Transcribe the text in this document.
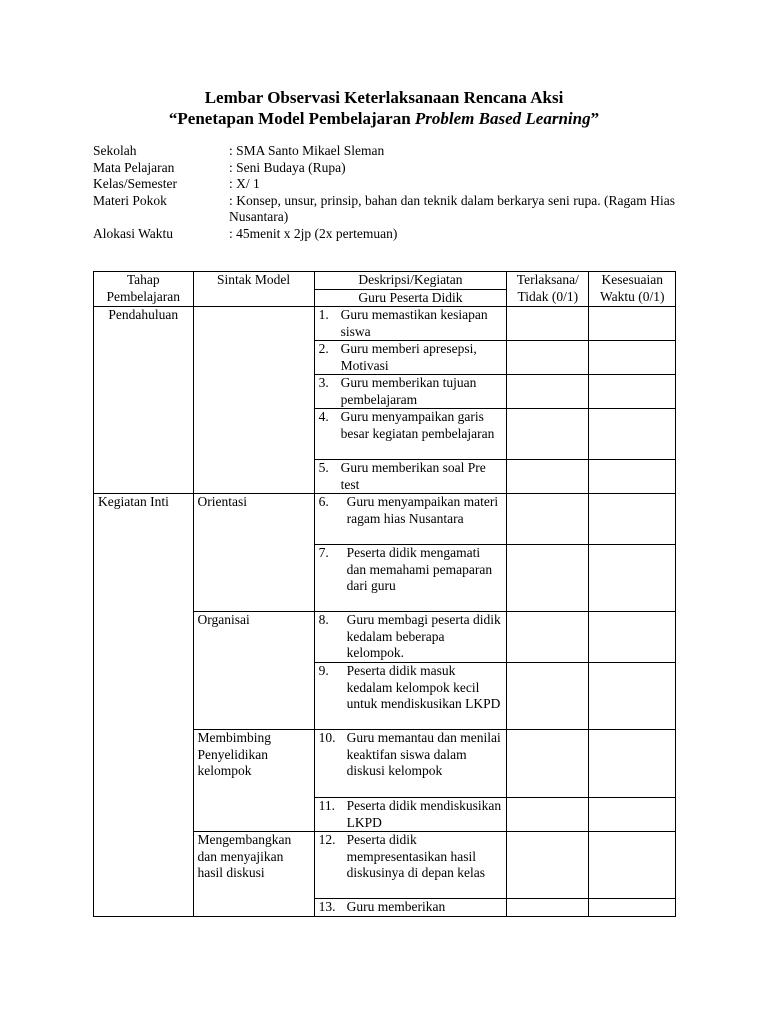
Lembar Observasi Keterlaksanaan Rencana Aksi
“Penetapan Model Pembelajaran Problem Based Learning”
Sekolah	: SMA Santo Mikael Sleman
Mata Pelajaran	: Seni Budaya (Rupa)
Kelas/Semester	: X/ 1
Materi Pokok	: Konsep, unsur, prinsip, bahan dan teknik dalam berkarya seni rupa. (Ragam Hias Nusantara)
Alokasi Waktu	: 45menit x 2jp (2x pertemuan)
Tahap Pembelajaran	Sintak Model	Deskripsi/Kegiatan	Terlaksana/ Tidak (0/1)	Kesesuaian Waktu (0/1)
		Guru Peserta Didik		
Pendahuluan		1. Guru memastikan kesiapan siswa		

		2. Guru memberi apresepsi, Motivasi		

		3. Guru memberikan tujuan pembelajaram		

		4. Guru menyampaikan garis besar kegiatan pembelajaran		

		5. Guru memberikan soal Pre test		

Kegiatan Inti	Orientasi	6. Guru menyampaikan materi ragam hias Nusantara		

		7. Peserta didik mengamati dan memahami pemaparan dari guru		

	Organisai	8. Guru membagi peserta didik kedalam beberapa kelompok.		

		9. Peserta didik masuk kedalam kelompok kecil untuk mendiskusikan LKPD		

	Membimbing Penyelidikan kelompok	10. Guru memantau dan menilai keaktifan siswa dalam diskusi kelompok		

		11. Peserta didik mendiskusikan LKPD		

	Mengembangkan dan menyajikan hasil diskusi	12. Peserta didik mempresentasikan hasil diskusinya di depan kelas		

		13. Guru memberikan		
